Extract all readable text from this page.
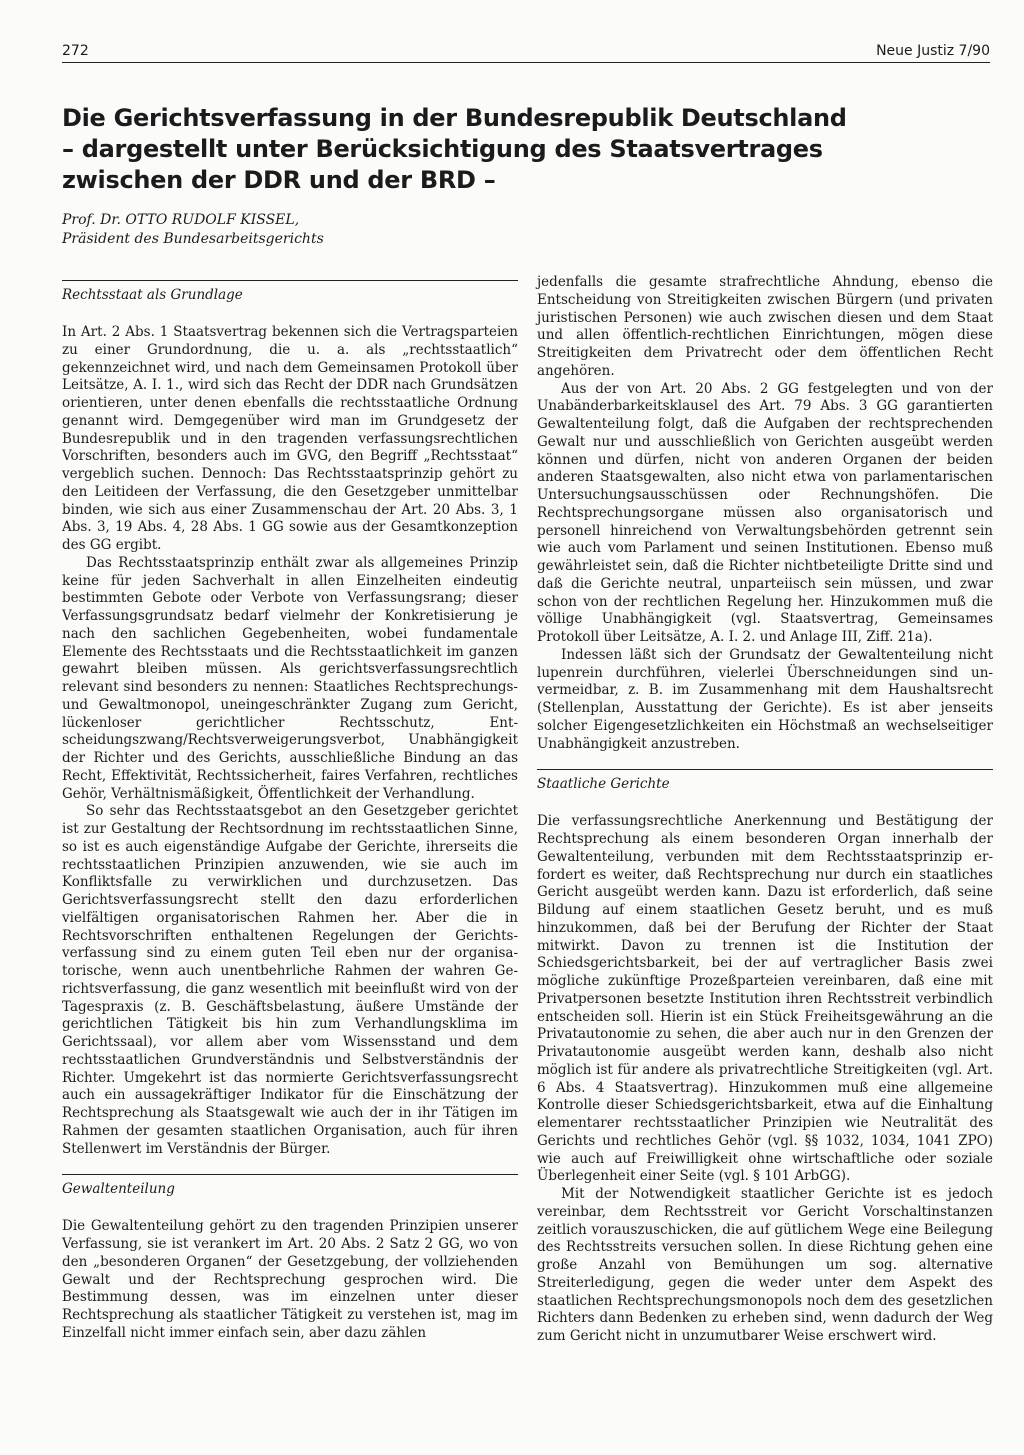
272	Neue Justiz 7/90
Die Gerichtsverfassung in der Bundesrepublik Deutschland
– dargestellt unter Berücksichtigung des Staatsvertrages
zwischen der DDR und der BRD –
Prof. Dr. OTTO RUDOLF KISSEL,
Präsident des Bundesarbeitsgerichts
Rechtsstaat als Grundlage

In Art. 2 Abs. 1 Staatsvertrag bekennen sich die Vertragsparteien zu einer Grundordnung, die u. a. als „rechtsstaatlich“ gekennzeichnet wird, und nach dem Gemeinsamen Protokoll über Leitsätze, A. I. 1., wird sich das Recht der DDR nach Grundsätzen orientieren, unter denen ebenfalls die rechtsstaatliche Ordnung genannt wird. Demgegenüber wird man im Grundgesetz der Bundesrepublik und in den tragenden verfassungsrechtlichen Vorschriften, besonders auch im GVG, den Begriff „Rechtsstaat“ vergeblich suchen. Dennoch: Das Rechtsstaatsprinzip gehört zu den Leitideen der Verfassung, die den Gesetzgeber unmittelbar binden, wie sich aus einer Zusammenschau der Art. 20 Abs. 3, 1 Abs. 3, 19 Abs. 4, 28 Abs. 1 GG sowie aus der Gesamtkonzeption des GG ergibt.

Das Rechtsstaatsprinzip enthält zwar als allgemeines Prinzip keine für jeden Sachverhalt in allen Einzelheiten eindeutig bestimmten Gebote oder Verbote von Verfassungsrang; dieser Verfassungsgrundsatz bedarf vielmehr der Konkretisierung je nach den sachlichen Gegebenheiten, wobei fundamentale Elemente des Rechtsstaats und die Rechtsstaatlichkeit im ganzen gewahrt bleiben müssen. Als gerichtsverfassungsrechtlich relevant sind besonders zu nennen: Staatliches Rechtsprechungs- und Gewaltmonopol, uneingeschränkter Zugang zum Gericht, lückenloser gerichtlicher Rechtsschutz, Entscheidungszwang/Rechtsverweigerungsverbot, Unabhängigkeit der Richter und des Gerichts, ausschließliche Bindung an das Recht, Effektivität, Rechtssicherheit, faires Verfahren, rechtliches Gehör, Verhältnismäßigkeit, Öffentlichkeit der Verhandlung.

So sehr das Rechtsstaatsgebot an den Gesetzgeber gerichtet ist zur Gestaltung der Rechtsordnung im rechtsstaatlichen Sinne, so ist es auch eigenständige Aufgabe der Gerichte, ihrerseits die rechtsstaatlichen Prinzipien anzuwenden, wie sie auch im Konfliktsfalle zu verwirklichen und durchzusetzen. Das Gerichtsverfassungsrecht stellt den dazu erforderlichen vielfältigen organisatorischen Rahmen her. Aber die in Rechtsvorschriften enthaltenen Regelungen der Gerichtsverfassung sind zu einem guten Teil eben nur der organisatorische, wenn auch unentbehrliche Rahmen der wahren Gerichtsverfassung, die ganz wesentlich mit beeinflußt wird von der Tagespraxis (z. B. Geschäftsbelastung, äußere Umstände der gerichtlichen Tätigkeit bis hin zum Verhandlungsklima im Gerichtssaal), vor allem aber vom Wissensstand und dem rechtsstaatlichen Grundverständnis und Selbstverständnis der Richter. Umgekehrt ist das normierte Gerichtsverfassungsrecht auch ein aussagekräftiger Indikator für die Einschätzung der Rechtsprechung als Staatsgewalt wie auch der in ihr Tätigen im Rahmen der gesamten staatlichen Organisation, auch für ihren Stellenwert im Verständnis der Bürger.

Gewaltenteilung

Die Gewaltenteilung gehört zu den tragenden Prinzipien unserer Verfassung, sie ist verankert im Art. 20 Abs. 2 Satz 2 GG, wo von den „besonderen Organen“ der Gesetzgebung, der vollziehenden Gewalt und der Rechtsprechung gesprochen wird. Die Bestimmung dessen, was im einzelnen unter dieser Rechtsprechung als staatlicher Tätigkeit zu verstehen ist, mag im Einzelfall nicht immer einfach sein, aber dazu zählen

jedenfalls die gesamte strafrechtliche Ahndung, ebenso die Entscheidung von Streitigkeiten zwischen Bürgern (und privaten juristischen Personen) wie auch zwischen diesen und dem Staat und allen öffentlich-rechtlichen Einrichtungen, mögen diese Streitigkeiten dem Privatrecht oder dem öffentlichen Recht angehören.

Aus der von Art. 20 Abs. 2 GG festgelegten und von der Unabänderbarkeitsklausel des Art. 79 Abs. 3 GG garantierten Gewaltenteilung folgt, daß die Aufgaben der rechtsprechenden Gewalt nur und ausschließlich von Gerichten ausgeübt werden können und dürfen, nicht von anderen Organen der beiden anderen Staatsgewalten, also nicht etwa von parlamentarischen Untersuchungsausschüssen oder Rechnungshöfen. Die Rechtsprechungsorgane müssen also organisatorisch und personell hinreichend von Verwaltungsbehörden getrennt sein wie auch vom Parlament und seinen Institutionen. Ebenso muß gewährleistet sein, daß die Richter nichtbeteiligte Dritte sind und daß die Gerichte neutral, unparteiisch sein müssen, und zwar schon von der rechtlichen Regelung her. Hinzukommen muß die völlige Unabhängigkeit (vgl. Staatsvertrag, Gemeinsames Protokoll über Leitsätze, A. I. 2. und Anlage III, Ziff. 21a).

Indessen läßt sich der Grundsatz der Gewaltenteilung nicht lupenrein durchführen, vielerlei Überschneidungen sind unvermeidbar, z. B. im Zusammenhang mit dem Haushaltsrecht (Stellenplan, Ausstattung der Gerichte). Es ist aber jenseits solcher Eigengesetzlichkeiten ein Höchstmaß an wechselseitiger Unabhängigkeit anzustreben.

Staatliche Gerichte

Die verfassungsrechtliche Anerkennung und Bestätigung der Rechtsprechung als einem besonderen Organ innerhalb der Gewaltenteilung, verbunden mit dem Rechtsstaatsprinzip erfordert es weiter, daß Rechtsprechung nur durch ein staatliches Gericht ausgeübt werden kann. Dazu ist erforderlich, daß seine Bildung auf einem staatlichen Gesetz beruht, und es muß hinzukommen, daß bei der Berufung der Richter der Staat mitwirkt. Davon zu trennen ist die Institution der Schiedsgerichtsbarkeit, bei der auf vertraglicher Basis zwei mögliche zukünftige Prozeßparteien vereinbaren, daß eine mit Privatpersonen besetzte Institution ihren Rechtsstreit verbindlich entscheiden soll. Hierin ist ein Stück Freiheitsgewährung an die Privatautonomie zu sehen, die aber auch nur in den Grenzen der Privatautonomie ausgeübt werden kann, deshalb also nicht möglich ist für andere als privatrechtliche Streitigkeiten (vgl. Art. 6 Abs. 4 Staatsvertrag). Hinzukommen muß eine allgemeine Kontrolle dieser Schiedsgerichtsbarkeit, etwa auf die Einhaltung elementarer rechtsstaatlicher Prinzipien wie Neutralität des Gerichts und rechtliches Gehör (vgl. §§ 1032, 1034, 1041 ZPO) wie auch auf Freiwilligkeit ohne wirtschaftliche oder soziale Überlegenheit einer Seite (vgl. § 101 ArbGG).

Mit der Notwendigkeit staatlicher Gerichte ist es jedoch vereinbar, dem Rechtsstreit vor Gericht Vorschaltinstanzen zeitlich vorauszuschicken, die auf gütlichem Wege eine Beilegung des Rechtsstreits versuchen sollen. In diese Richtung gehen eine große Anzahl von Bemühungen um sog. alternative Streiterledigung, gegen die weder unter dem Aspekt des staatlichen Rechtsprechungsmonopols noch dem des gesetzlichen Richters dann Bedenken zu erheben sind, wenn dadurch der Weg zum Gericht nicht in unzumutbarer Weise erschwert wird.
